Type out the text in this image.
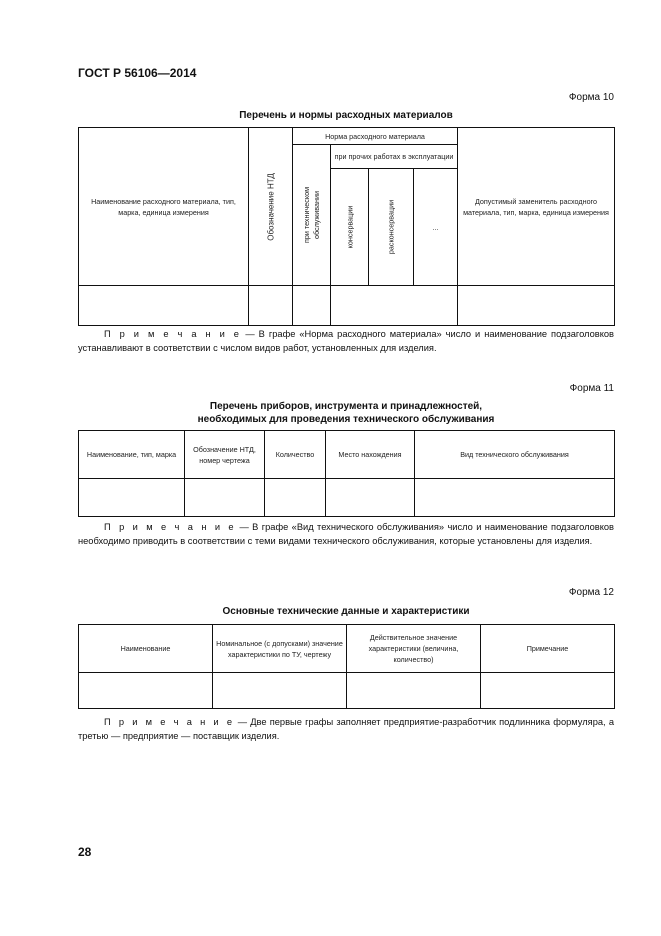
ГОСТ Р 56106—2014
Форма 10
Перечень и нормы расходных материалов
Наименование расходного материала, тип, марка, единица измерения	Обозначение НТД	Норма расходного материала				Допустимый заменитель расходного материала, тип, марка, единица измерения

		при техническом обслуживании	при прочих работах в эксплуатации			

			консервации	расконсервации	...	

П р и м е ч а н и е — В графе «Норма расходного материала» число и наименование подзаголовков устанавливают в соответствии с числом видов работ, установленных для изделия.
Форма 11
Перечень приборов, инструмента и принадлежностей,
необходимых для проведения технического обслуживания
Наименование, тип, марка	Обозначение НТД, номер чертежа	Количество	Место нахождения	Вид технического обслуживания

П р и м е ч а н и е — В графе «Вид технического обслуживания» число и наименование подзаголовков необходимо приводить в соответствии с теми видами технического обслуживания, которые установлены для изделия.
Форма 12
Основные технические данные и характеристики
Наименование	Номинальное (с допусками) значение характеристики по ТУ, чертежу	Действительное значение характеристики (величина, количество)	Примечание

П р и м е ч а н и е — Две первые графы заполняет предприятие-разработчик подлинника формуляра, а третью — предприятие — поставщик изделия.
28
